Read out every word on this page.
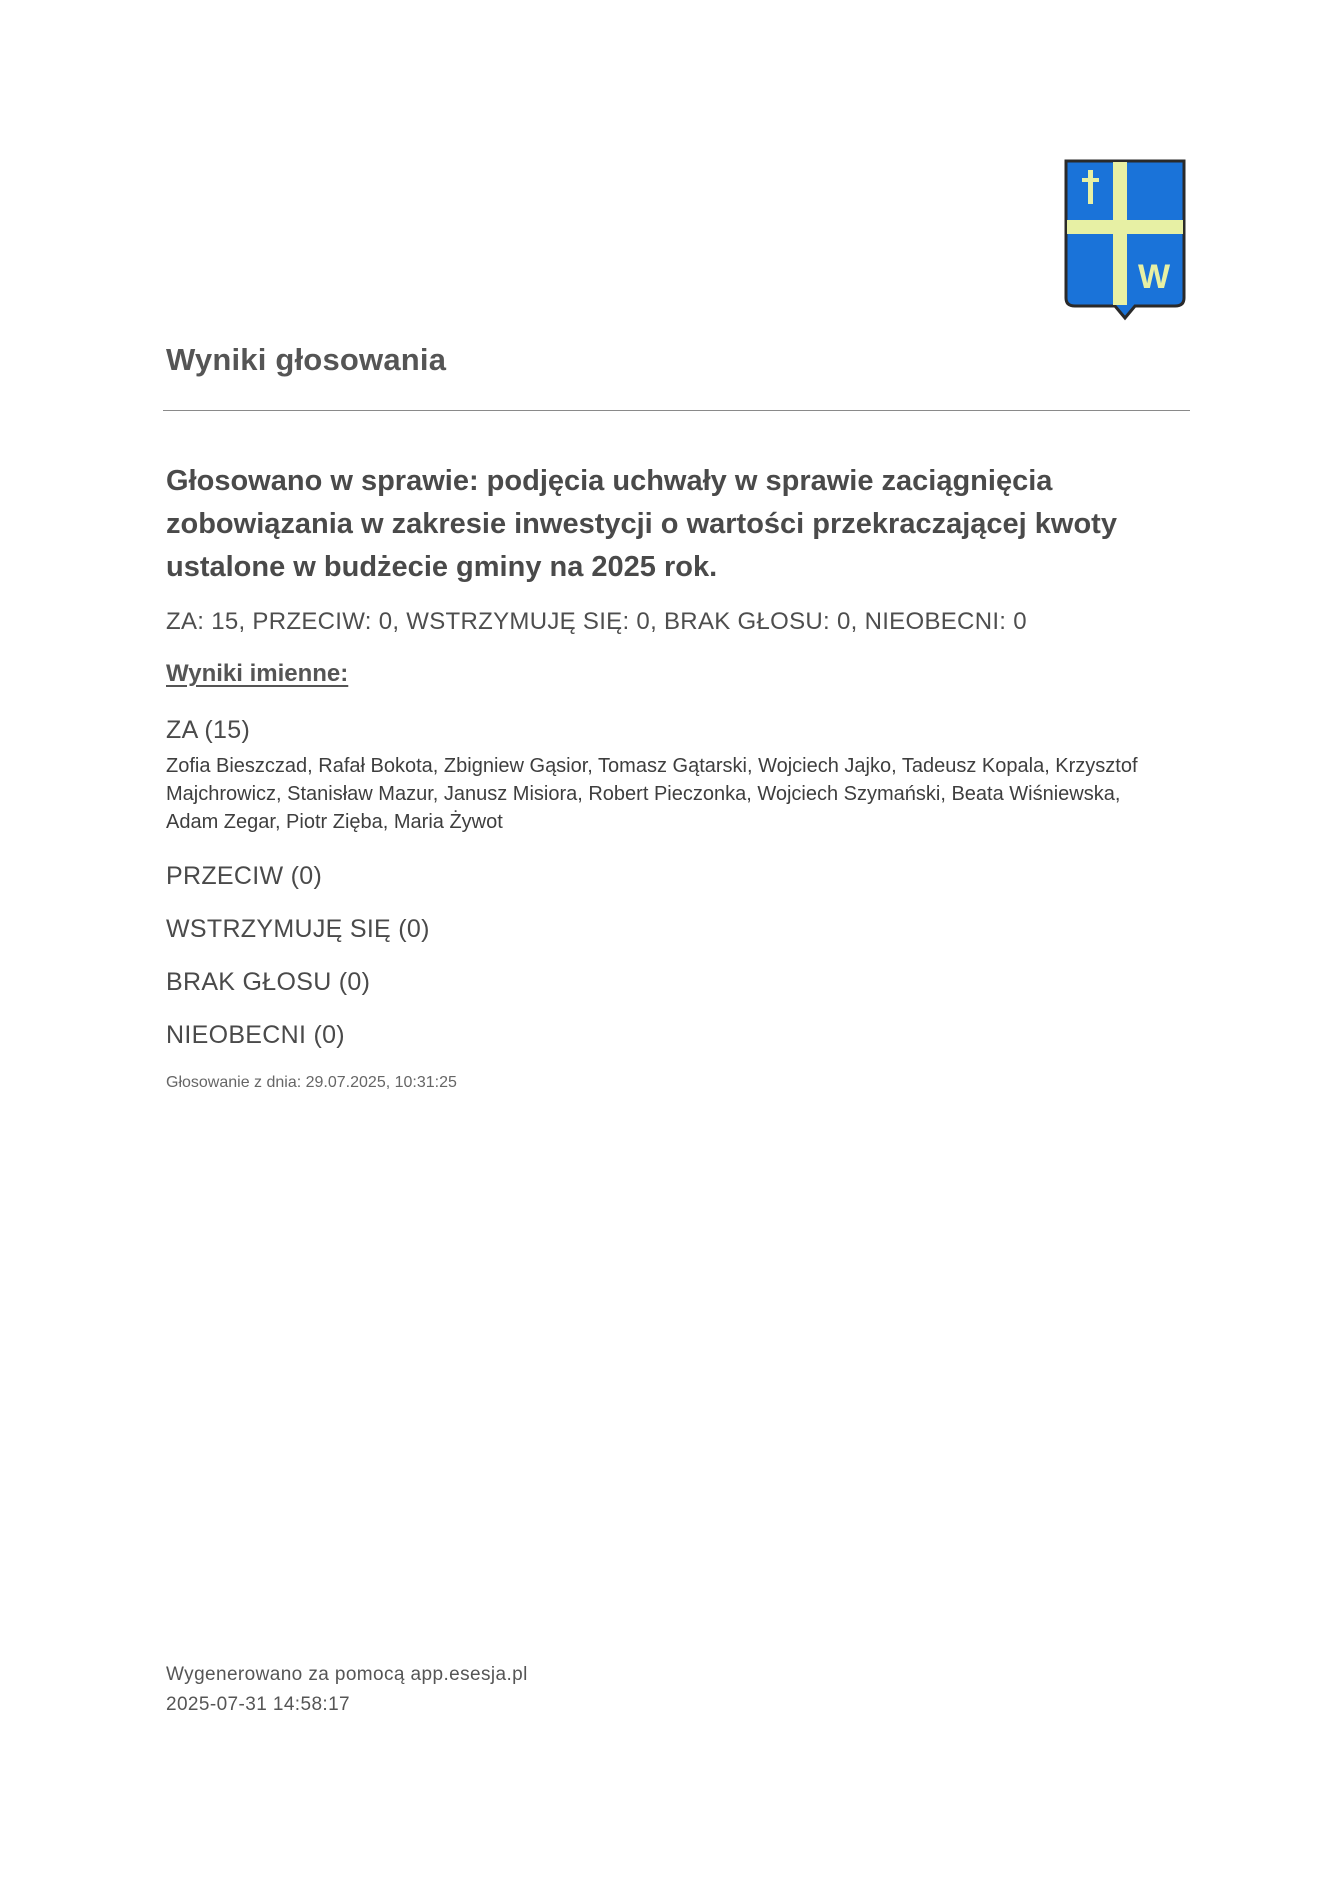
W
Wyniki głosowania
Głosowano w sprawie: podjęcia uchwały w sprawie zaciągnięcia zobowiązania w zakresie inwestycji o wartości przekraczającej kwoty ustalone w budżecie gminy na 2025 rok.
ZA: 15, PRZECIW: 0, WSTRZYMUJĘ SIĘ: 0, BRAK GŁOSU: 0, NIEOBECNI: 0
Wyniki imienne:
ZA (15)
Zofia Bieszczad, Rafał Bokota, Zbigniew Gąsior, Tomasz Gątarski, Wojciech Jajko, Tadeusz Kopala, Krzysztof Majchrowicz, Stanisław Mazur, Janusz Misiora, Robert Pieczonka, Wojciech Szymański, Beata Wiśniewska, Adam Zegar, Piotr Zięba, Maria Żywot
PRZECIW (0)
WSTRZYMUJĘ SIĘ (0)
BRAK GŁOSU (0)
NIEOBECNI (0)
Głosowanie z dnia: 29.07.2025, 10:31:25
Wygenerowano za pomocą app.esesja.pl
2025-07-31 14:58:17
